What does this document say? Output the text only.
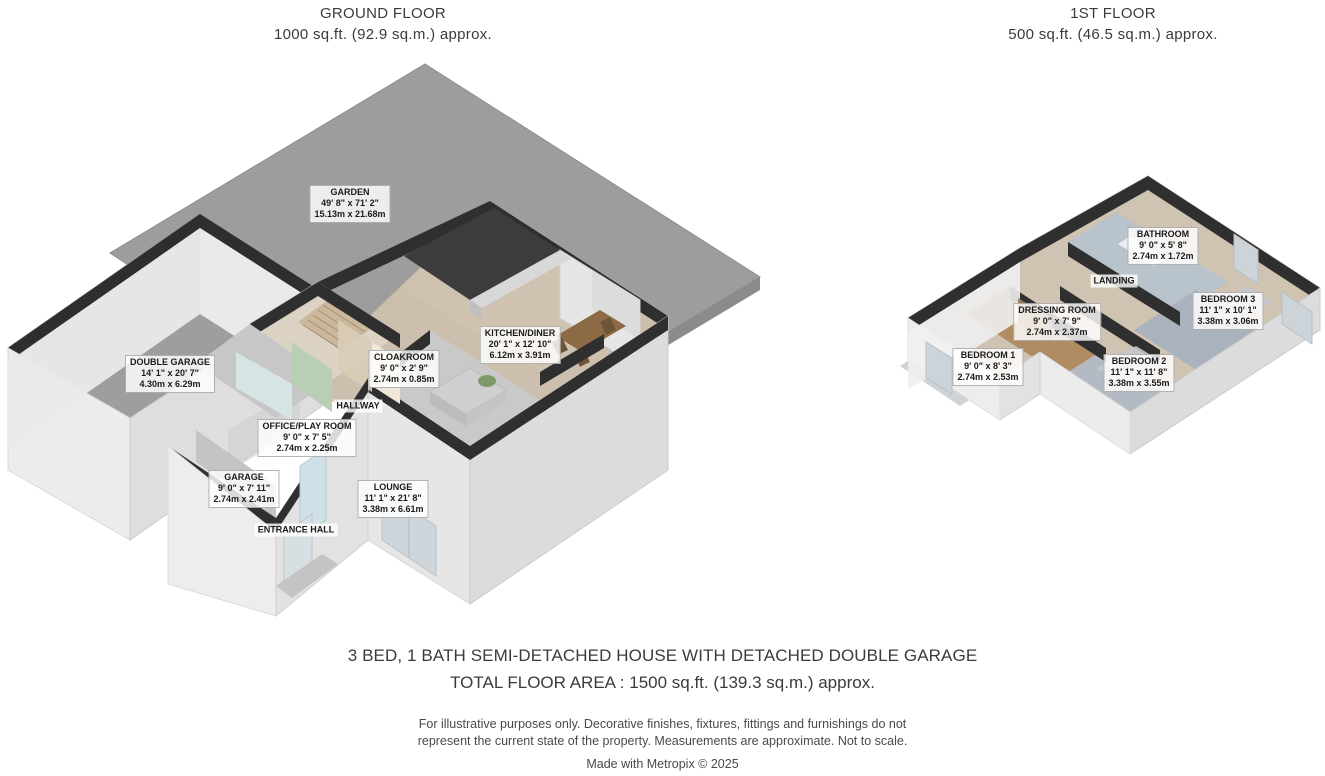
GROUND FLOOR
1000 sq.ft. (92.9 sq.m.) approx.
1ST FLOOR
500 sq.ft. (46.5 sq.m.) approx.
GARDEN
49' 8" x 71' 2"
15.13m x 21.68m
DOUBLE GARAGE
14' 1" x 20' 7"
4.30m x 6.29m
KITCHEN/DINER
20' 1" x 12' 10"
6.12m x 3.91m
CLOAKROOM
9' 0" x 2' 9"
2.74m x 0.85m
HALLWAY
OFFICE/PLAY ROOM
9' 0" x 7' 5"
2.74m x 2.25m
GARAGE
9' 0" x 7' 11"
2.74m x 2.41m
ENTRANCE HALL
LOUNGE
11' 1" x 21' 8"
3.38m x 6.61m
BATHROOM
9' 0" x 5' 8"
2.74m x 1.72m
LANDING
DRESSING ROOM
9' 0" x 7' 9"
2.74m x 2.37m
BEDROOM 3
11' 1" x 10' 1"
3.38m x 3.06m
BEDROOM 1
9' 0" x 8' 3"
2.74m x 2.53m
BEDROOM 2
11' 1" x 11' 8"
3.38m x 3.55m
3 BED, 1 BATH SEMI-DETACHED HOUSE WITH DETACHED DOUBLE GARAGE
TOTAL FLOOR AREA : 1500 sq.ft. (139.3 sq.m.) approx.
For illustrative purposes only. Decorative finishes, fixtures, fittings and furnishings do not
represent the current state of the property. Measurements are approximate. Not to scale.
Made with Metropix © 2025
